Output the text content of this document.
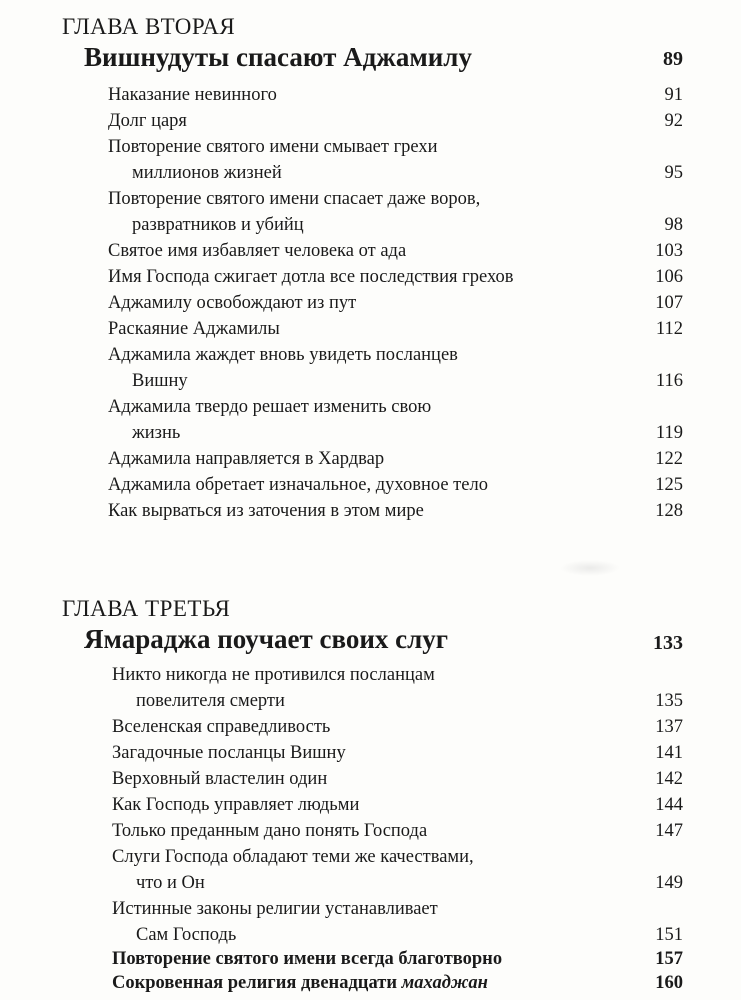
ГЛАВА ВТОРАЯ
Вишнудуты спасают Аджамилу	89
Наказание невинного	91
Долг царя	92
Повторение святого имени смывает грехи
миллионов жизней	95
Повторение святого имени спасает даже воров,
развратников и убийц	98
Святое имя избавляет человека от ада	103
Имя Господа сжигает дотла все последствия грехов	106
Аджамилу освобождают из пут	107
Раскаяние Аджамилы	112
Аджамила жаждет вновь увидеть посланцев
Вишну	116
Аджамила твердо решает изменить свою
жизнь	119
Аджамила направляется в Хардвар	122
Аджамила обретает изначальное, духовное тело	125
Как вырваться из заточения в этом мире	128
ГЛАВА ТРЕТЬЯ
Ямараджа поучает своих слуг	133
Никто никогда не противился посланцам
повелителя смерти	135
Вселенская справедливость	137
Загадочные посланцы Вишну	141
Верховный властелин один	142
Как Господь управляет людьми	144
Только преданным дано понять Господа	147
Слуги Господа обладают теми же качествами,
что и Он	149
Истинные законы религии устанавливает
Сам Господь	151
Повторение святого имени всегда благотворно	157
Сокровенная религия двенадцати махаджан	160
